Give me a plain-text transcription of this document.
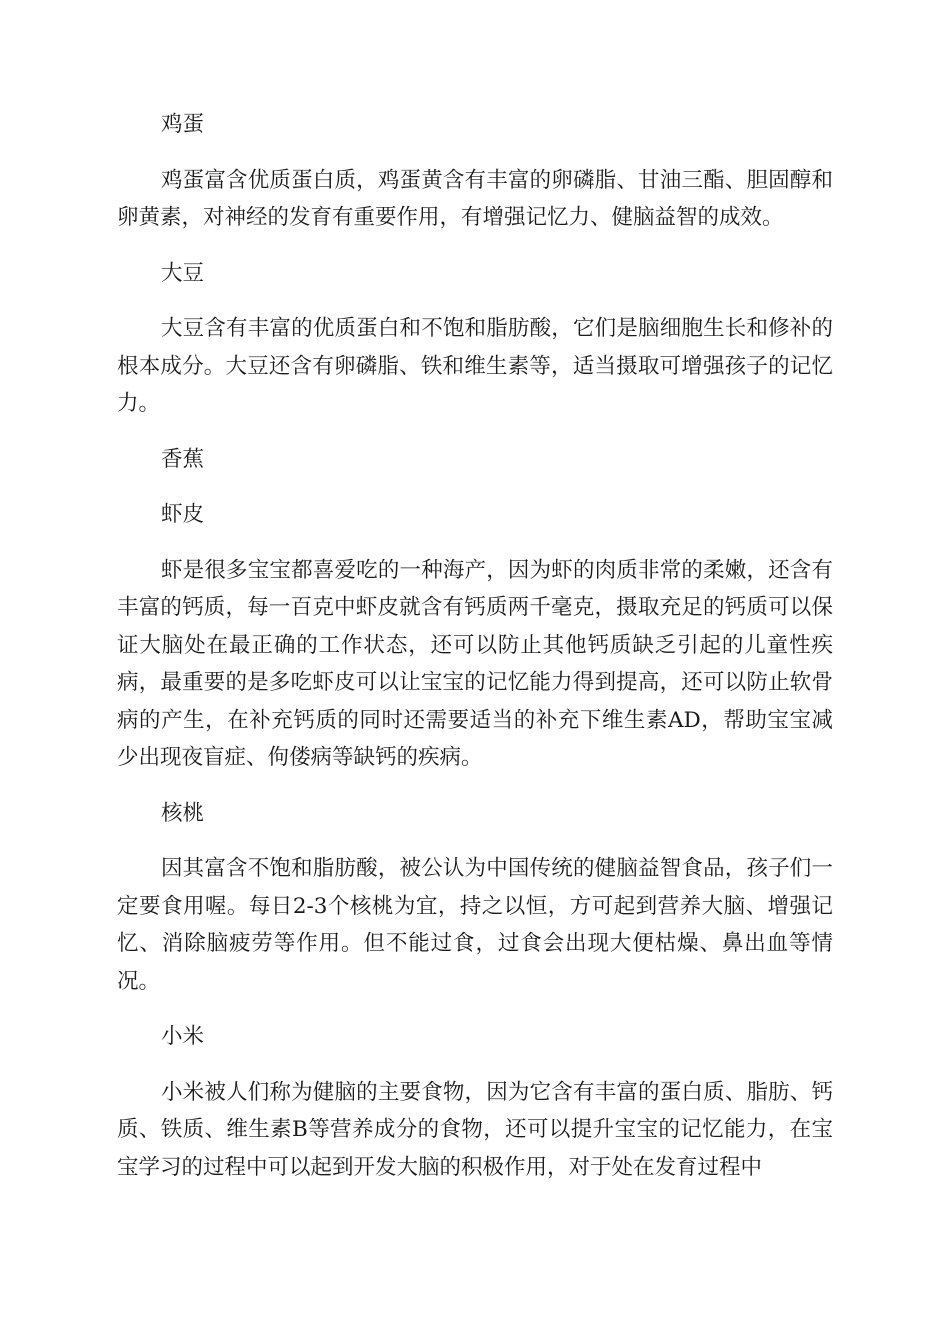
鸡蛋
鸡蛋富含优质蛋白质，鸡蛋黄含有丰富的卵磷脂、甘油三酯、胆固醇和卵黄素，对神经的发育有重要作用，有增强记忆力、健脑益智的成效。
大豆
大豆含有丰富的优质蛋白和不饱和脂肪酸，它们是脑细胞生长和修补的根本成分。大豆还含有卵磷脂、铁和维生素等，适当摄取可增强孩子的记忆力。
香蕉
虾皮
虾是很多宝宝都喜爱吃的一种海产，因为虾的肉质非常的柔嫩，还含有丰富的钙质，每一百克中虾皮就含有钙质两千毫克，摄取充足的钙质可以保证大脑处在最正确的工作状态，还可以防止其他钙质缺乏引起的儿童性疾病，最重要的是多吃虾皮可以让宝宝的记忆能力得到提高，还可以防止软骨病的产生，在补充钙质的同时还需要适当的补充下维生素AD，帮助宝宝减少出现夜盲症、佝偻病等缺钙的疾病。
核桃
因其富含不饱和脂肪酸，被公认为中国传统的健脑益智食品，孩子们一定要食用喔。每日2-3个核桃为宜，持之以恒，方可起到营养大脑、增强记忆、消除脑疲劳等作用。但不能过食，过食会出现大便枯燥、鼻出血等情况。
小米
小米被人们称为健脑的主要食物，因为它含有丰富的蛋白质、脂肪、钙质、铁质、维生素B等营养成分的食物，还可以提升宝宝的记忆能力，在宝宝学习的过程中可以起到开发大脑的积极作用，对于处在发育过程中
